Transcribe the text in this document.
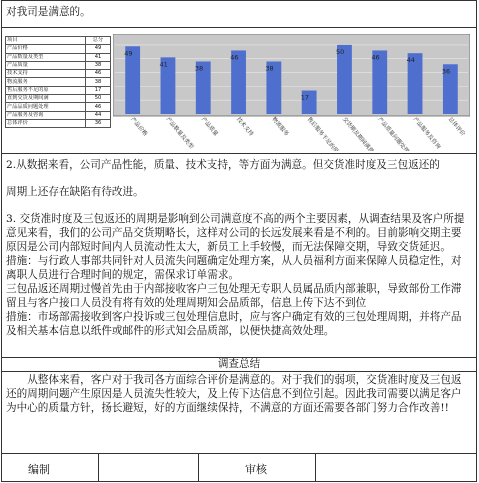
对我司是满意的。
项目	总分
产品价格	49
产品数量及类型	41
产品质量	38
技术支持	46
物流服务	38
售后服务不足的原	17
直到交货及期间满	50
产品品质问题处理	46
产品服务及咨询	44
总体评价	36
49
产品价格
41
产品数量及类型
38
产品质量
46
技术支持
38
物流服务
17
售后服务不足的原因
50
交货期及期间满意度
46
产品质量问题处理
44
产品服务及咨询
36
总体评价

2.从数据来看，公司产品性能，质量、技术支持，等方面为满意。但交货准时度及三包返还的

周期上还存在缺陷有待改进。

3. 交货准时度及三包返还的周期是影响到公司满意度不高的两个主要因素，从调查结果及客户所提意见来看，我们的公司产品交货期略长，这样对公司的长远发展来看是不利的。目前影响交期主要原因是公司内部短时间内人员流动性太大，新员工上手较慢，而无法保障交期，导致交货延迟。

措施：与行政人事部共同针对人员流失问题确定处理方案，从人员福利方面来保障人员稳定性，对离职人员进行合理时间的规定，需保求订单需求。

三包品返还周期过慢首先由于内部接收客户三包处理无专职人员属品质内部兼职，导致部份工作滞留且与客户接口人员没有将有效的处理周期知会品质部，信息上传下达不到位

措施：市场部需接收到客户投诉或三包处理信息时，应与客户确定有效的三包处理周期，并将产品及相关基本信息以纸件或邮件的形式知会品质部，以便快捷高效处理。

调查总结
从整体来看，客户对于我司各方面综合评价是满意的。对于我们的弱项，交货准时度及三包返还的周期问题产生原因是人员流失性较大，及上传下达信息不到位引起。因此我司需要以满足客户为中心的质量方针，扬长避短，好的方面继续保持，不满意的方面还需要各部门努力合作改善!!
编制	审核
